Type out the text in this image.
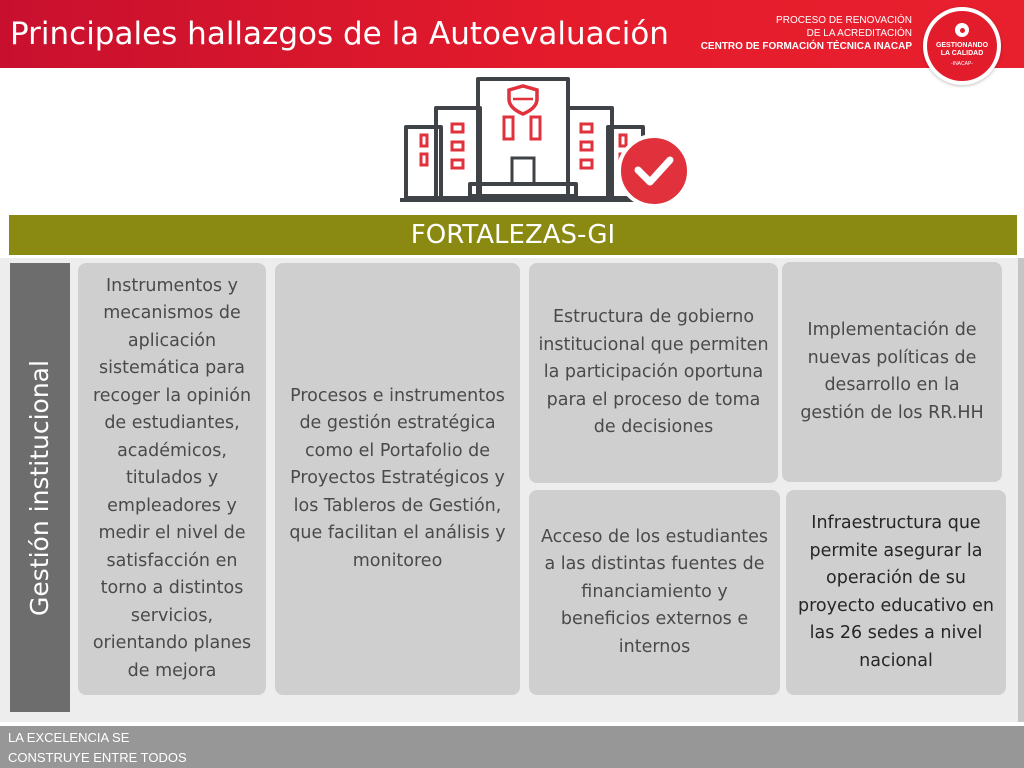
Principales hallazgos de la Autoevaluación	PROCESO DE RENOVACIÓN
DE LA ACREDITACIÓN
CENTRO DE FORMACIÓN TÉCNICA INACAP	GESTIONANDO
LA CALIDAD
-INACAP-
FORTALEZAS-GI
Gestión institucional
Instrumentos y mecanismos de aplicación sistemática para recoger la opinión de estudiantes, académicos, titulados y empleadores y medir el nivel de satisfacción en torno a distintos servicios, orientando planes de mejora
Procesos e instrumentos de gestión estratégica como el Portafolio de Proyectos Estratégicos y los Tableros de Gestión, que facilitan el análisis y monitoreo
Estructura de gobierno institucional que permiten la participación oportuna para el proceso de toma de decisiones
Implementación de nuevas políticas de desarrollo en la gestión de los RR.HH
Acceso de los estudiantes a las distintas fuentes de financiamiento y beneficios externos e internos
Infraestructura que permite asegurar la operación de su proyecto educativo en las 26 sedes a nivel nacional
LA EXCELENCIA SE
CONSTRUYE ENTRE TODOS
